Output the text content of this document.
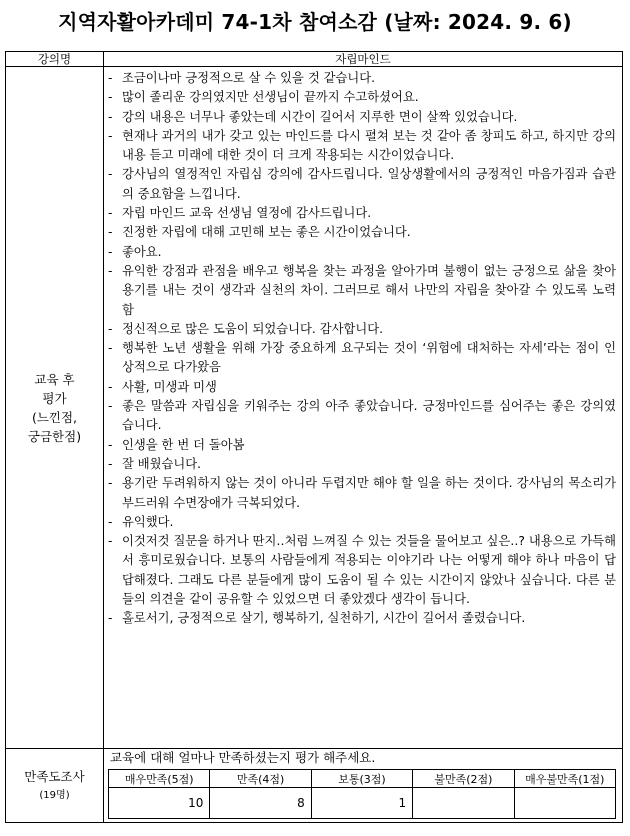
지역자활아카데미 74-1차 참여소감 (날짜: 2024. 9. 6)
강의명	자립마인드

교육 후
평가
(느낀점,
궁금한점)

- 조금이나마 긍정적으로 살 수 있을 것 같습니다.
- 많이 졸리운 강의였지만 선생님이 끝까지 수고하셨어요.
- 강의 내용은 너무나 좋았는데 시간이 길어서 지루한 면이 살짝 있었습니다.
- 현재나 과거의 내가 갖고 있는 마인드를 다시 펼쳐 보는 것 같아 좀 창피도 하고, 하지만 강의 내용 듣고 미래에 대한 것이 더 크게 작용되는 시간이었습니다.
- 강사님의 열정적인 자립심 강의에 감사드립니다. 일상생활에서의 긍정적인 마음가짐과 습관의 중요함을 느낍니다.
- 자립 마인드 교육 선생님 열정에 감사드립니다.
- 진정한 자립에 대해 고민해 보는 좋은 시간이었습니다.
- 좋아요.
- 유익한 강점과 관점을 배우고 행복을 찾는 과정을 알아가며 불행이 없는 긍정으로 삶을 찾아 용기를 내는 것이 생각과 실천의 차이. 그러므로 해서 나만의 자립을 찾아갈 수 있도록 노력함
- 정신적으로 많은 도움이 되었습니다. 감사합니다.
- 행복한 노년 생활을 위해 가장 중요하게 요구되는 것이 ‘위험에 대처하는 자세’라는 점이 인상적으로 다가왔음
- 사활, 미생과 미생
- 좋은 말씀과 자립심을 키워주는 강의 아주 좋았습니다. 긍정마인드를 심어주는 좋은 강의였습니다.
- 인생을 한 번 더 돌아봄
- 잘 배웠습니다.
- 용기란 두려워하지 않는 것이 아니라 두렵지만 해야 할 일을 하는 것이다. 강사님의 목소리가 부드러워 수면장애가 극복되었다.
- 유익했다.
- 이것저것 질문을 하거나 딴지‥처럼 느껴질 수 있는 것들을 물어보고 싶은‥? 내용으로 가득해서 흥미로웠습니다. 보통의 사람들에게 적용되는 이야기라 나는 어떻게 해야 하나 마음이 답답해졌다. 그래도 다른 분들에게 많이 도움이 될 수 있는 시간이지 않았나 싶습니다. 다른 분들의 의견을 같이 공유할 수 있었으면 더 좋았겠다 생각이 듭니다.
- 홀로서기, 긍정적으로 살기, 행복하기, 실천하기, 시간이 길어서 졸렸습니다.

만족도조사
(19명)

교육에 대해 얼마나 만족하셨는지 평가 해주세요.
매우만족(5점)	만족(4점)	보통(3점)	불만족(2점)	매우불만족(1점)
10	8	1		
